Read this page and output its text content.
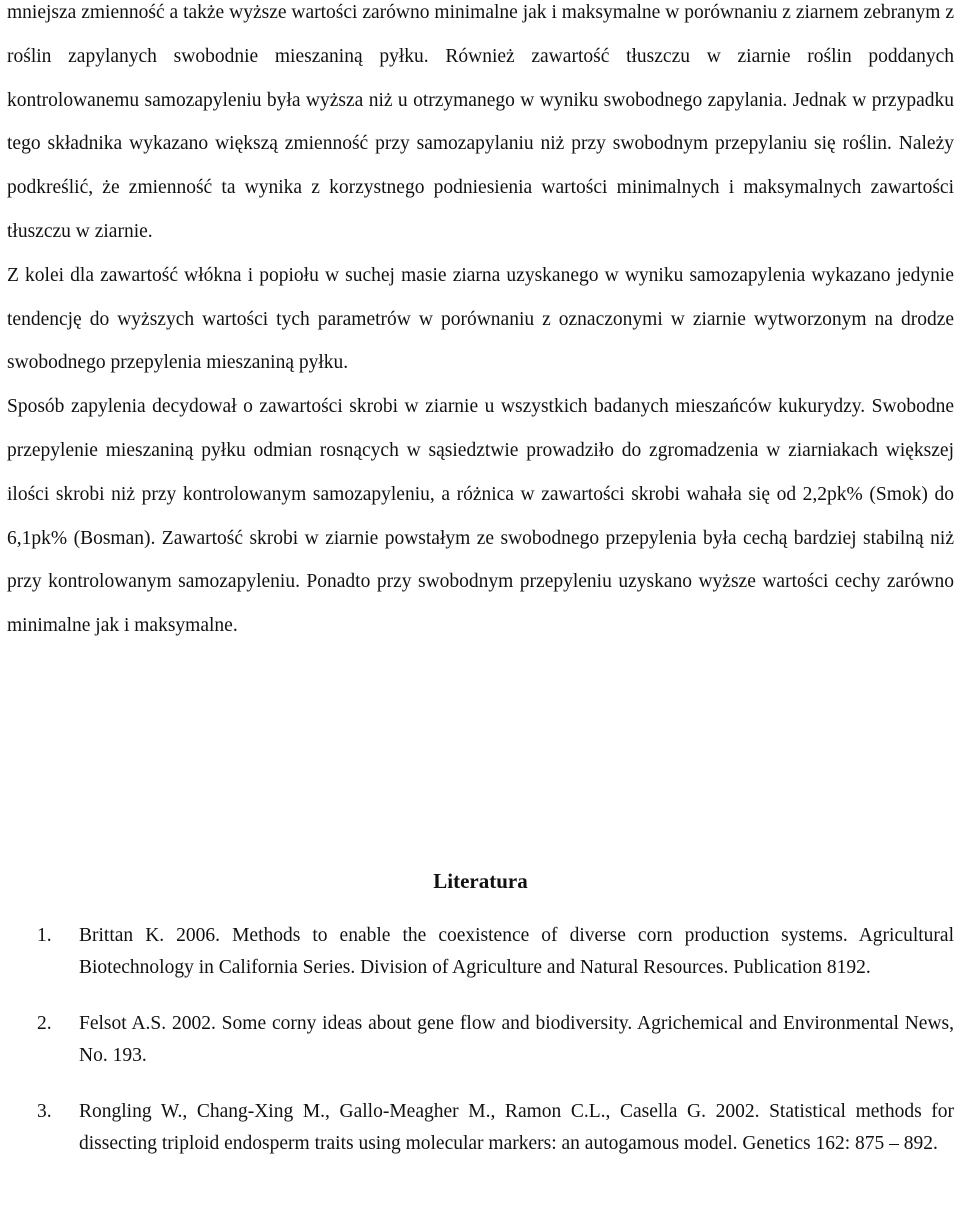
mniejsza zmienność a także wyższe wartości zarówno minimalne jak i maksymalne w porównaniu z ziarnem zebranym z roślin zapylanych swobodnie mieszaniną pyłku. Również zawartość tłuszczu w ziarnie roślin poddanych kontrolowanemu samozapyleniu była wyższa niż u otrzymanego w wyniku swobodnego zapylania. Jednak w przypadku tego składnika wykazano większą zmienność przy samozapylaniu niż przy swobodnym przepylaniu się roślin. Należy podkreślić, że zmienność ta wynika z korzystnego podniesienia wartości minimalnych i maksymalnych zawartości tłuszczu w ziarnie.

Z kolei dla zawartość włókna i popiołu w suchej masie ziarna uzyskanego w wyniku samozapylenia wykazano jedynie tendencję do wyższych wartości tych parametrów w porównaniu z oznaczonymi w ziarnie wytworzonym na drodze swobodnego przepylenia mieszaniną pyłku.

Sposób zapylenia decydował o zawartości skrobi w ziarnie u wszystkich badanych mieszańców kukurydzy. Swobodne przepylenie mieszaniną pyłku odmian rosnących w sąsiedztwie prowadziło do zgromadzenia w ziarniakach większej ilości skrobi niż przy kontrolowanym samozapyleniu, a różnica w zawartości skrobi wahała się od 2,2pk% (Smok) do 6,1pk% (Bosman). Zawartość skrobi w ziarnie powstałym ze swobodnego przepylenia była cechą bardziej stabilną niż przy kontrolowanym samozapyleniu. Ponadto przy swobodnym przepyleniu uzyskano wyższe wartości cechy zarówno minimalne jak i maksymalne.

Literatura
1.	Brittan K. 2006. Methods to enable the coexistence of diverse corn production systems. Agricultural Biotechnology in California Series. Division of Agriculture and Natural Resources. Publication 8192.
2.	Felsot A.S. 2002. Some corny ideas about gene flow and biodiversity. Agrichemical and Environmental News, No. 193.
3.	Rongling W., Chang-Xing M., Gallo-Meagher M., Ramon C.L., Casella G. 2002. Statistical methods for dissecting triploid endosperm traits using molecular markers: an autogamous model. Genetics 162: 875 – 892.
